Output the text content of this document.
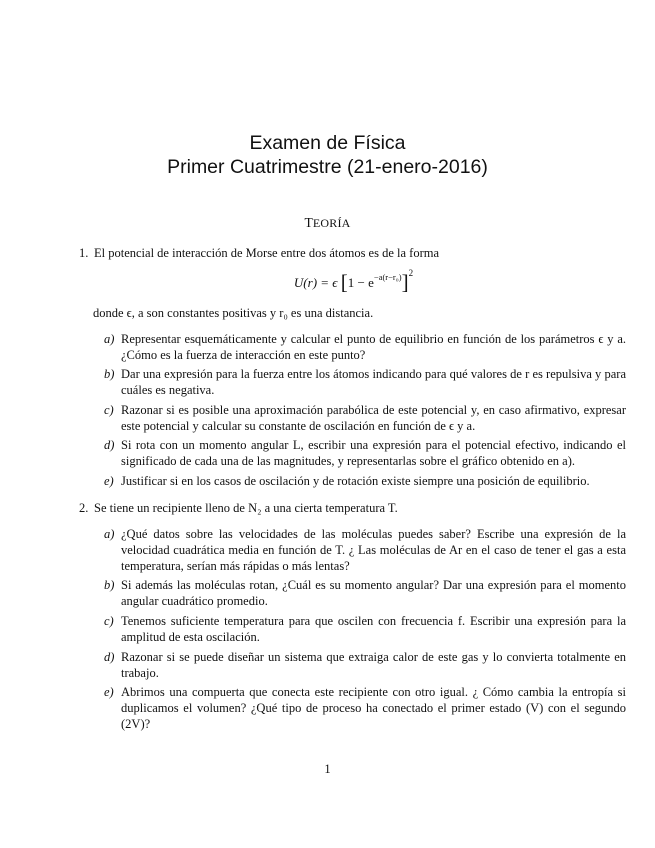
Examen de Física
Primer Cuatrimestre (21-enero-2016)
TEORÍA
1. El potencial de interacción de Morse entre dos átomos es de la forma
U(r) = ϵ $[1 - e^{-a(r-r_0)}]^2$
donde ϵ, a son constantes positivas y r₀ es una distancia.
a) Representar esquemáticamente y calcular el punto de equilibrio en función de los parámetros ϵ y a. ¿Cómo es la fuerza de interacción en este punto?
b) Dar una expresión para la fuerza entre los átomos indicando para qué valores de r es repulsiva y para cuáles es negativa.
c) Razonar si es posible una aproximación parabólica de este potencial y, en caso afirmativo, expresar este potencial y calcular su constante de oscilación en función de ϵ y a.
d) Si rota con un momento angular L, escribir una expresión para el potencial efectivo, indicando el significado de cada una de las magnitudes, y representarlas sobre el gráfico obtenido en a).
e) Justificar si en los casos de oscilación y de rotación existe siempre una posición de equilibrio.
2. Se tiene un recipiente lleno de N₂ a una cierta temperatura T.
a) ¿Qué datos sobre las velocidades de las moléculas puedes saber? Escribe una expresión de la velocidad cuadrática media en función de T. ¿ Las moléculas de Ar en el caso de tener el gas a esta temperatura, serían más rápidas o más lentas?
b) Si además las moléculas rotan, ¿Cuál es su momento angular? Dar una expresión para el momento angular cuadrático promedio.
c) Tenemos suficiente temperatura para que oscilen con frecuencia f. Escribir una expresión para la amplitud de esta oscilación.
d) Razonar si se puede diseñar un sistema que extraiga calor de este gas y lo convierta totalmente en trabajo.
e) Abrimos una compuerta que conecta este recipiente con otro igual. ¿ Cómo cambia la entropía si duplicamos el volumen? ¿Qué tipo de proceso ha conectado el primer estado (V) con el segundo (2V)?
1
